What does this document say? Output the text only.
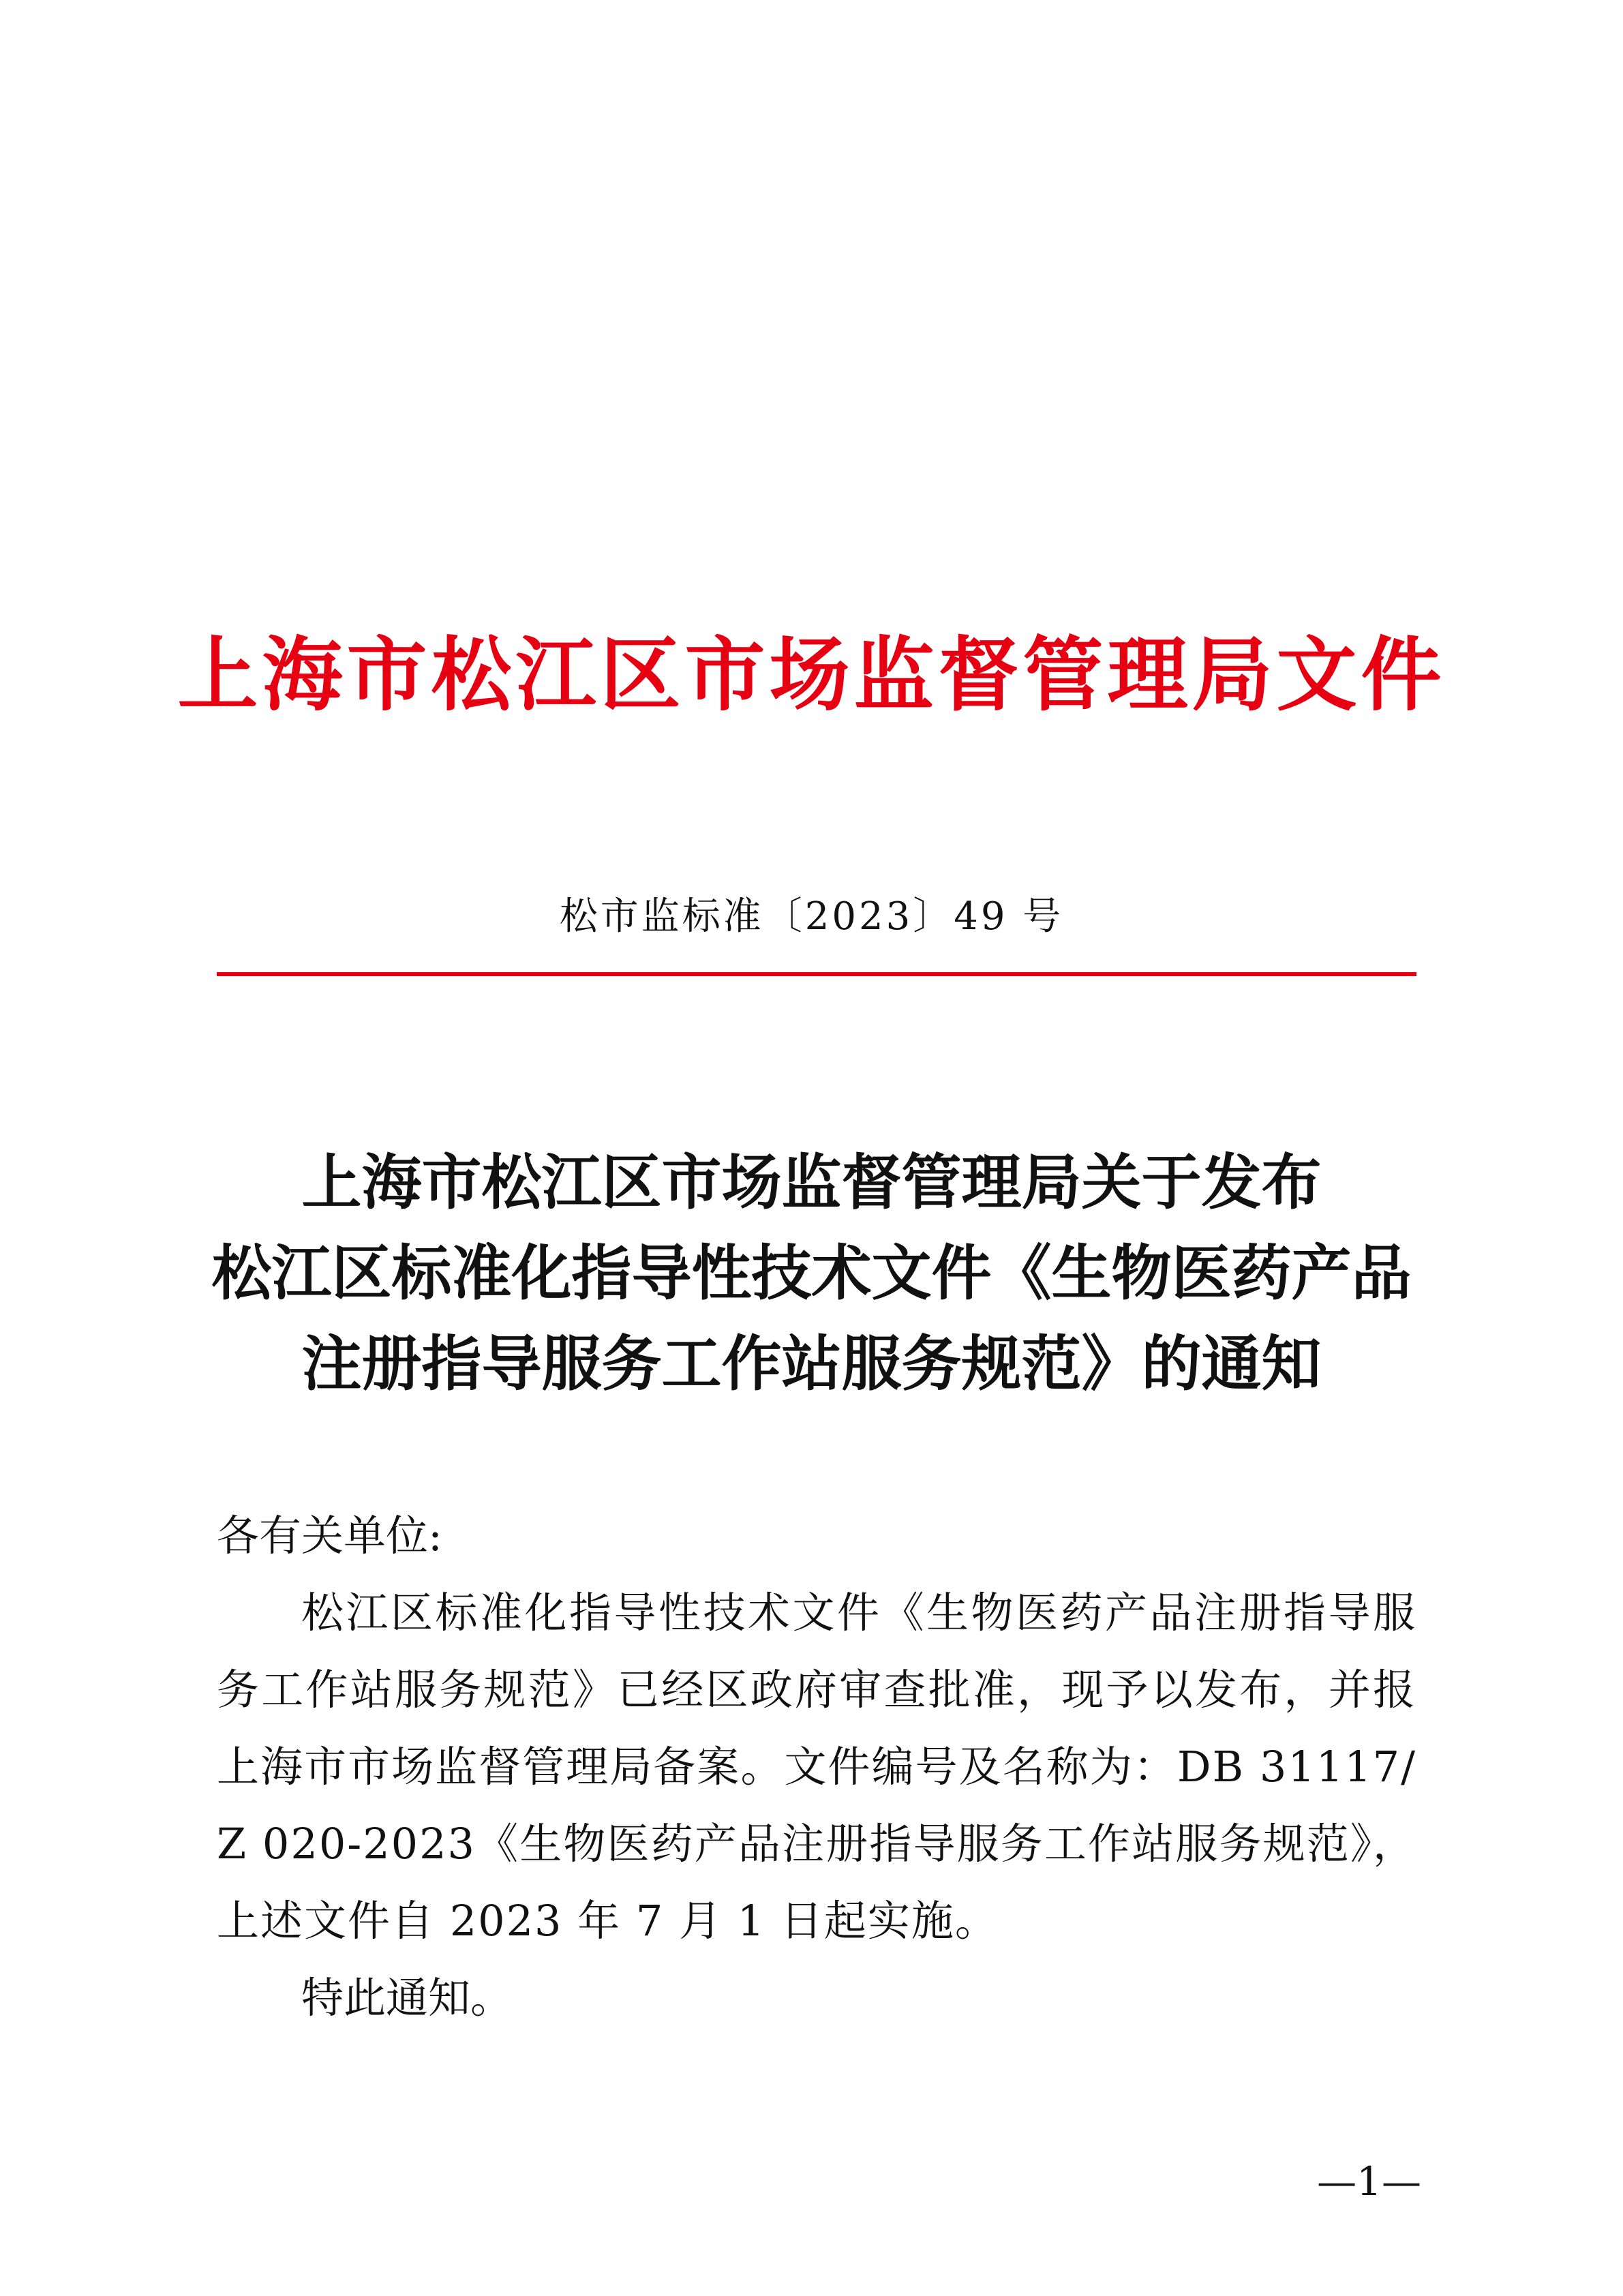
上海市松江区市场监督管理局文件
松市监标准〔2023〕49 号
上海市松江区市场监督管理局关于发布
松江区标准化指导性技术文件《生物医药产品
注册指导服务工作站服务规范》的通知

各有关单位:

松江区标准化指导性技术文件《生物医药产品注册指导服务工作站服务规范》已经区政府审查批准，现予以发布，并报上海市市场监督管理局备案。文件编号及名称为：DB 31117/Z 020-2023《生物医药产品注册指导服务工作站服务规范》，上述文件自 2023 年 7 月 1 日起实施。

特此通知。

—1—
